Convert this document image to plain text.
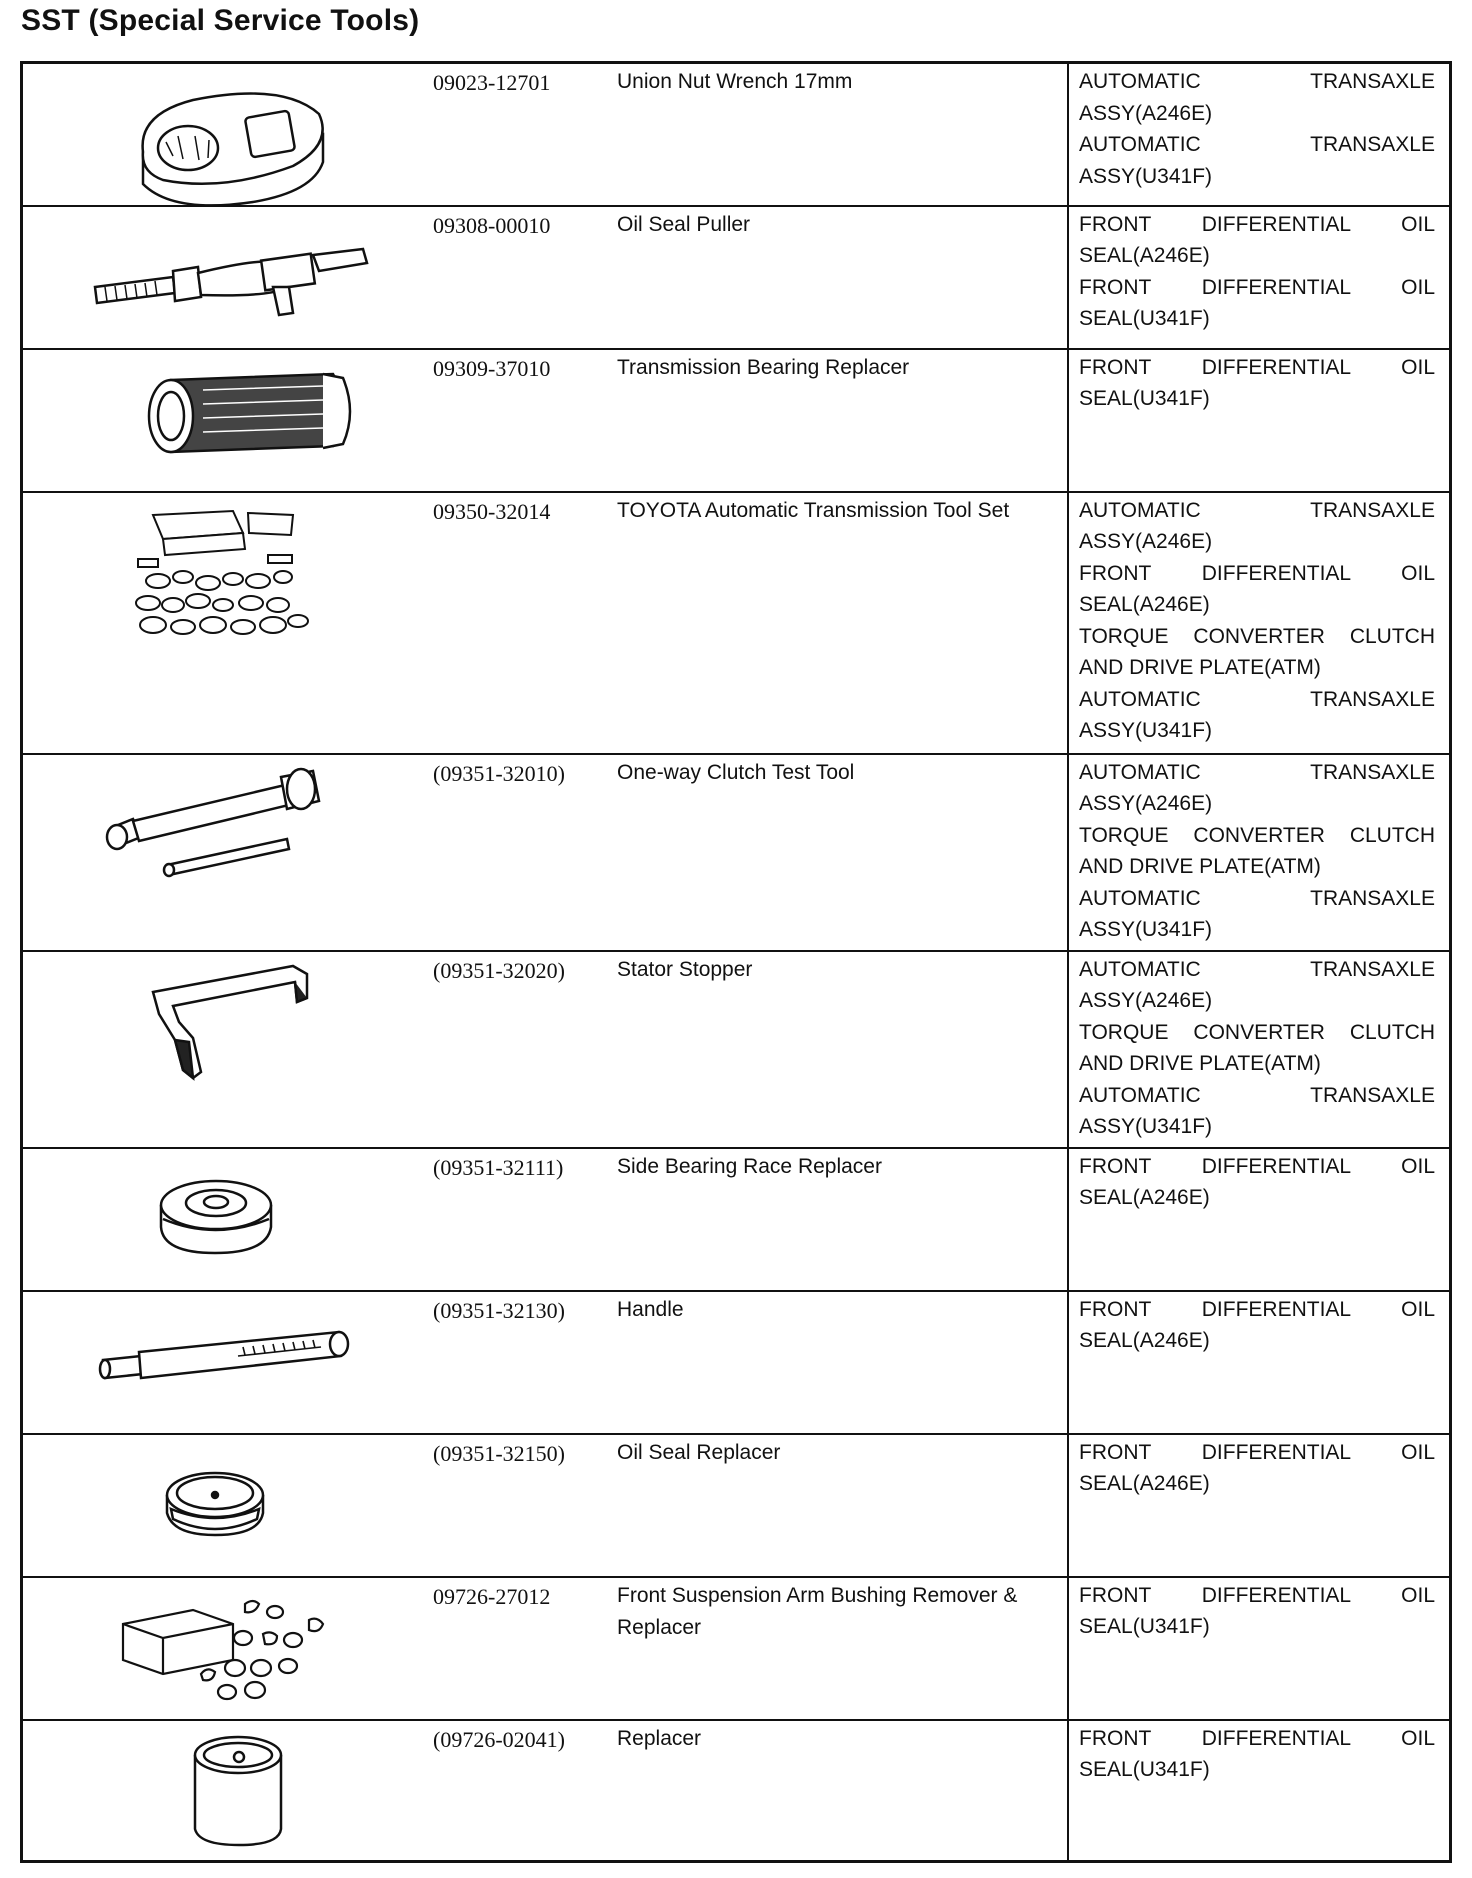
SST (Special Service Tools)
	09023-12701	Union Nut Wrench 17mm	AUTOMATIC TRANSAXLE ASSY(A246E)
AUTOMATIC TRANSAXLE ASSY(U341F)

	09308-00010	Oil Seal Puller	FRONT DIFFERENTIAL OIL SEAL(A246E)
FRONT DIFFERENTIAL OIL SEAL(U341F)

	09309-37010	Transmission Bearing Replacer	FRONT DIFFERENTIAL OIL SEAL(U341F)

	09350-32014	TOYOTA Automatic Transmission Tool Set	AUTOMATIC TRANSAXLE ASSY(A246E)
FRONT DIFFERENTIAL OIL SEAL(A246E)
TORQUE CONVERTER CLUTCH AND DRIVE PLATE(ATM)
AUTOMATIC TRANSAXLE ASSY(U341F)

	(09351-32010)	One-way Clutch Test Tool	AUTOMATIC TRANSAXLE ASSY(A246E)
TORQUE CONVERTER CLUTCH AND DRIVE PLATE(ATM)
AUTOMATIC TRANSAXLE ASSY(U341F)

	(09351-32020)	Stator Stopper	AUTOMATIC TRANSAXLE ASSY(A246E)
TORQUE CONVERTER CLUTCH AND DRIVE PLATE(ATM)
AUTOMATIC TRANSAXLE ASSY(U341F)

	(09351-32111)	Side Bearing Race Replacer	FRONT DIFFERENTIAL OIL SEAL(A246E)

	(09351-32130)	Handle	FRONT DIFFERENTIAL OIL SEAL(A246E)

	(09351-32150)	Oil Seal Replacer	FRONT DIFFERENTIAL OIL SEAL(A246E)

	09726-27012	Front Suspension Arm Bushing Remover & Replacer	FRONT DIFFERENTIAL OIL SEAL(U341F)

	(09726-02041)	Replacer	FRONT DIFFERENTIAL OIL SEAL(U341F)
